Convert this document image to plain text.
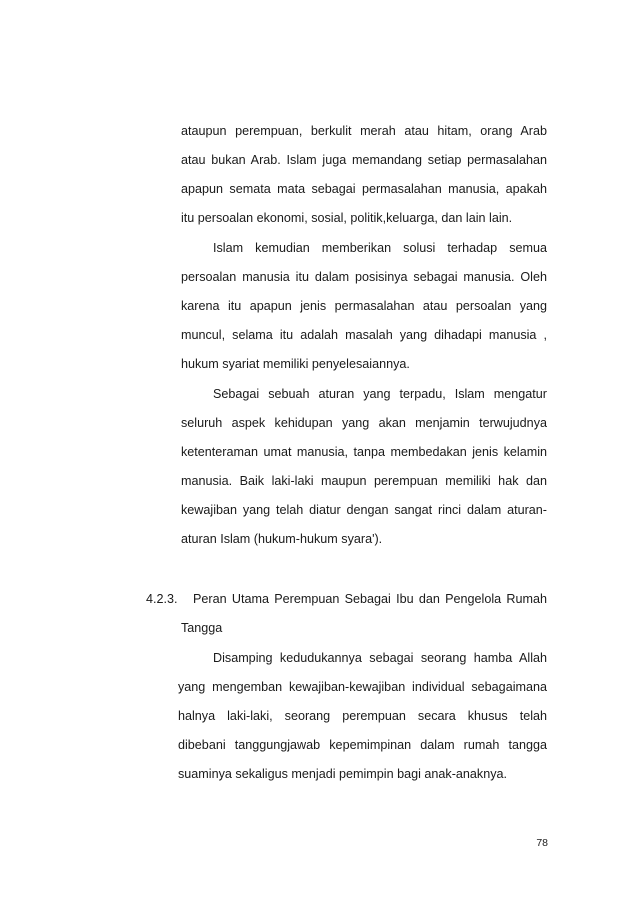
ataupun perempuan, berkulit merah atau hitam, orang Arab
atau bukan Arab. Islam juga memandang setiap permasalahan
apapun semata mata sebagai permasalahan manusia, apakah
itu persoalan ekonomi, sosial, politik,keluarga, dan lain lain.
Islam kemudian memberikan solusi terhadap semua
persoalan manusia itu dalam posisinya sebagai manusia. Oleh
karena itu apapun jenis permasalahan atau persoalan yang
muncul, selama itu adalah masalah yang dihadapi manusia ,
hukum syariat memiliki penyelesaiannya.
Sebagai sebuah aturan yang terpadu, Islam mengatur
seluruh aspek kehidupan yang akan menjamin terwujudnya
ketenteraman umat manusia, tanpa membedakan jenis kelamin
manusia. Baik laki-laki maupun perempuan memiliki hak dan
kewajiban yang telah diatur dengan sangat rinci dalam aturan-
aturan Islam (hukum-hukum syara').
4.2.3. Peran Utama Perempuan Sebagai Ibu dan Pengelola Rumah
Tangga
Disamping kedudukannya sebagai seorang hamba Allah
yang mengemban kewajiban-kewajiban individual sebagaimana
halnya laki-laki, seorang perempuan secara khusus telah
dibebani tanggungjawab kepemimpinan dalam rumah tangga
suaminya sekaligus menjadi pemimpin bagi anak-anaknya.
78
